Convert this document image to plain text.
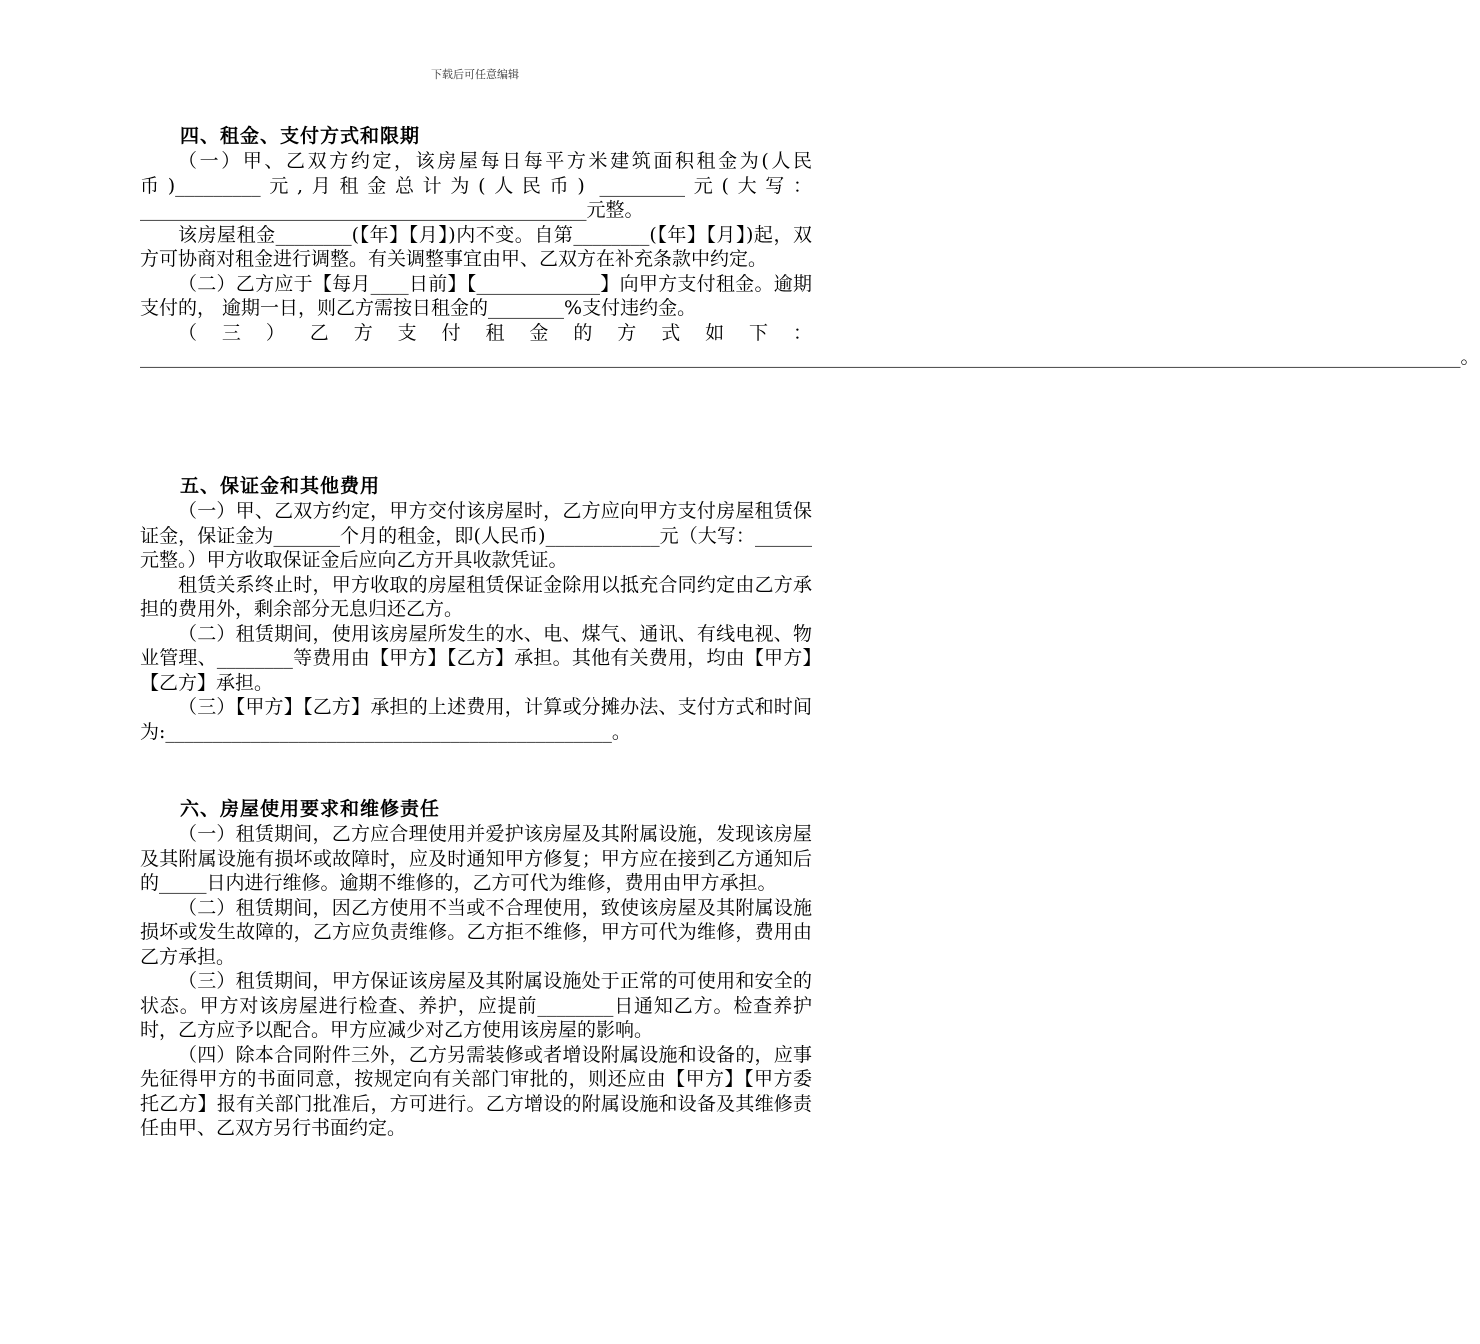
下载后可任意编辑
四、租金、支付方式和限期

（一）甲、乙双方约定，该房屋每日每平方米建筑面积租金为(人民币)_________元,月租金总计为(人民币) _________元(大写：_______________________________________________元整。

该房屋租金________(【年】【月】)内不变。自第________(【年】【月】)起，双方可协商对租金进行调整。有关调整事宜由甲、乙双方在补充条款中约定。

（二）乙方应于【每月____日前】【_____________】向甲方支付租金。逾期支付的， 逾期一日，则乙方需按日租金的________%支付违约金。

（三）乙方支付租金的方式如下：___________________________________________________________________________________________________________________________________________。

五、保证金和其他费用

（一）甲、乙双方约定，甲方交付该房屋时，乙方应向甲方支付房屋租赁保证金，保证金为_______个月的租金，即(人民币)____________元（大写：______元整。）甲方收取保证金后应向乙方开具收款凭证。

租赁关系终止时，甲方收取的房屋租赁保证金除用以抵充合同约定由乙方承担的费用外，剩余部分无息归还乙方。

（二）租赁期间，使用该房屋所发生的水、电、煤气、通讯、有线电视、物业管理、________等费用由【甲方】【乙方】承担。其他有关费用，均由【甲方】【乙方】承担。

（三）【甲方】【乙方】承担的上述费用，计算或分摊办法、支付方式和时间为:_______________________________________________。

六、房屋使用要求和维修责任

（一）租赁期间，乙方应合理使用并爱护该房屋及其附属设施，发现该房屋及其附属设施有损坏或故障时，应及时通知甲方修复；甲方应在接到乙方通知后的_____日内进行维修。逾期不维修的，乙方可代为维修，费用由甲方承担。

（二）租赁期间，因乙方使用不当或不合理使用，致使该房屋及其附属设施损坏或发生故障的，乙方应负责维修。乙方拒不维修，甲方可代为维修，费用由乙方承担。

（三）租赁期间，甲方保证该房屋及其附属设施处于正常的可使用和安全的状态。甲方对该房屋进行检查、养护，应提前________日通知乙方。检查养护时，乙方应予以配合。甲方应减少对乙方使用该房屋的影响。

（四）除本合同附件三外，乙方另需装修或者增设附属设施和设备的，应事先征得甲方的书面同意，按规定向有关部门审批的，则还应由【甲方】【甲方委托乙方】报有关部门批准后，方可进行。乙方增设的附属设施和设备及其维修责任由甲、乙双方另行书面约定。
